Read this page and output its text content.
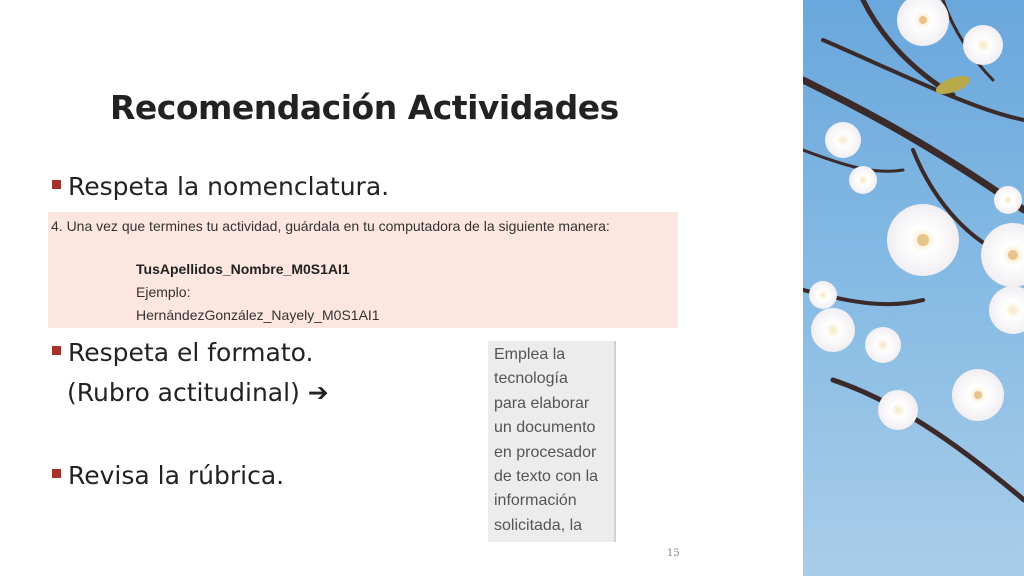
Recomendación Actividades
Respeta la nomenclatura.
4. Una vez que termines tu actividad, guárdala en tu computadora de la siguiente manera:
TusApellidos_Nombre_M0S1AI1
Ejemplo:
HernándezGonzález_Nayely_M0S1AI1
Respeta el formato.
(Rubro actitudinal) ➔
Revisa la rúbrica.
Emplea la
tecnología
para elaborar
un documento
en procesador
de texto con la
información
solicitada, la
15
